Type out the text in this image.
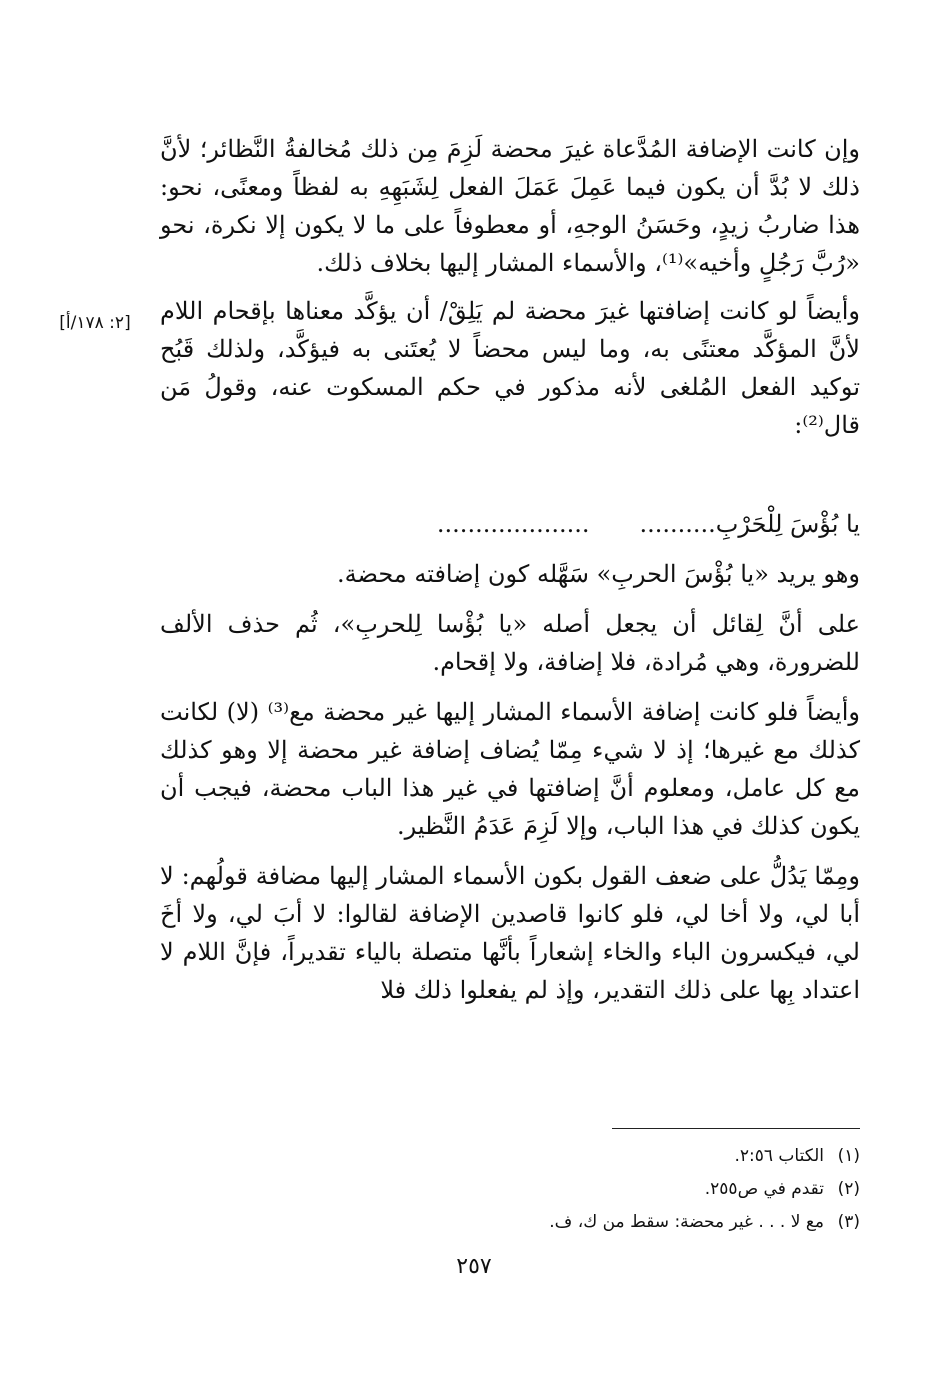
وإن كانت الإضافة المُدَّعاة غيرَ محضة لَزِمَ مِن ذلك مُخالفةُ النَّظائر؛ لأنَّ ذلك لا بُدَّ أن يكون فيما عَمِلَ عَمَلَ الفعل لِشَبَهِهِ به لفظاً ومعنًى، نحو: هذا ضاربُ زيدٍ، وحَسَنُ الوجهِ، أو معطوفاً على ما لا يكون إلا نكرة، نحو «رُبَّ رَجُلٍ وأخيه»⁽¹⁾، والأسماء المشار إليها بخلاف ذلك.

وأيضاً لو كانت إضافتها غيرَ محضة لم يَلِقْ/ أن يؤكَّد معناها بإقحام اللام لأنَّ المؤكَّد معتنًى به، وما ليس محضاً لا يُعتَنى به فيؤكَّد، ولذلك قَبُح توكيد الفعل المُلغى لأنه مذكور في حكم المسكوت عنه، وقولُ مَن قال⁽²⁾:

[٢: ١٧٨/أ]
يا بُؤْسَ لِلْحَرْبِ..........
....................

وهو يريد «يا بُؤْسَ الحربِ» سَهَّله كون إضافته محضة.

على أنَّ لِقائل أن يجعل أصله «يا بُؤْسا لِلحربِ»، ثُم حذف الألف للضرورة، وهي مُرادة، فلا إضافة، ولا إقحام.

وأيضاً فلو كانت إضافة الأسماء المشار إليها غير محضة مع⁽³⁾ (لا) لكانت كذلك مع غيرها؛ إذ لا شيء مِمّا يُضاف إضافة غير محضة إلا وهو كذلك مع كل عامل، ومعلوم أنَّ إضافتها في غير هذا الباب محضة، فيجب أن يكون كذلك في هذا الباب، وإلا لَزِمَ عَدَمُ النَّظير.

ومِمّا يَدُلُّ على ضعف القول بكون الأسماء المشار إليها مضافة قولُهم: لا أبا لي، ولا أخا لي، فلو كانوا قاصدين الإضافة لقالوا: لا أبَ لي، ولا أخَ لي، فيكسرون الباء والخاء إشعاراً بأنَّها متصلة بالياء تقديراً، فإنَّ اللام لا اعتداد بِها على ذلك التقدير، وإذ لم يفعلوا ذلك فلا

(١)الكتاب ٢:٥٦.
(٢)تقدم في ص٢٥٥.
(٣)مع لا . . . غير محضة: سقط من ك، ف.
٢٥٧
